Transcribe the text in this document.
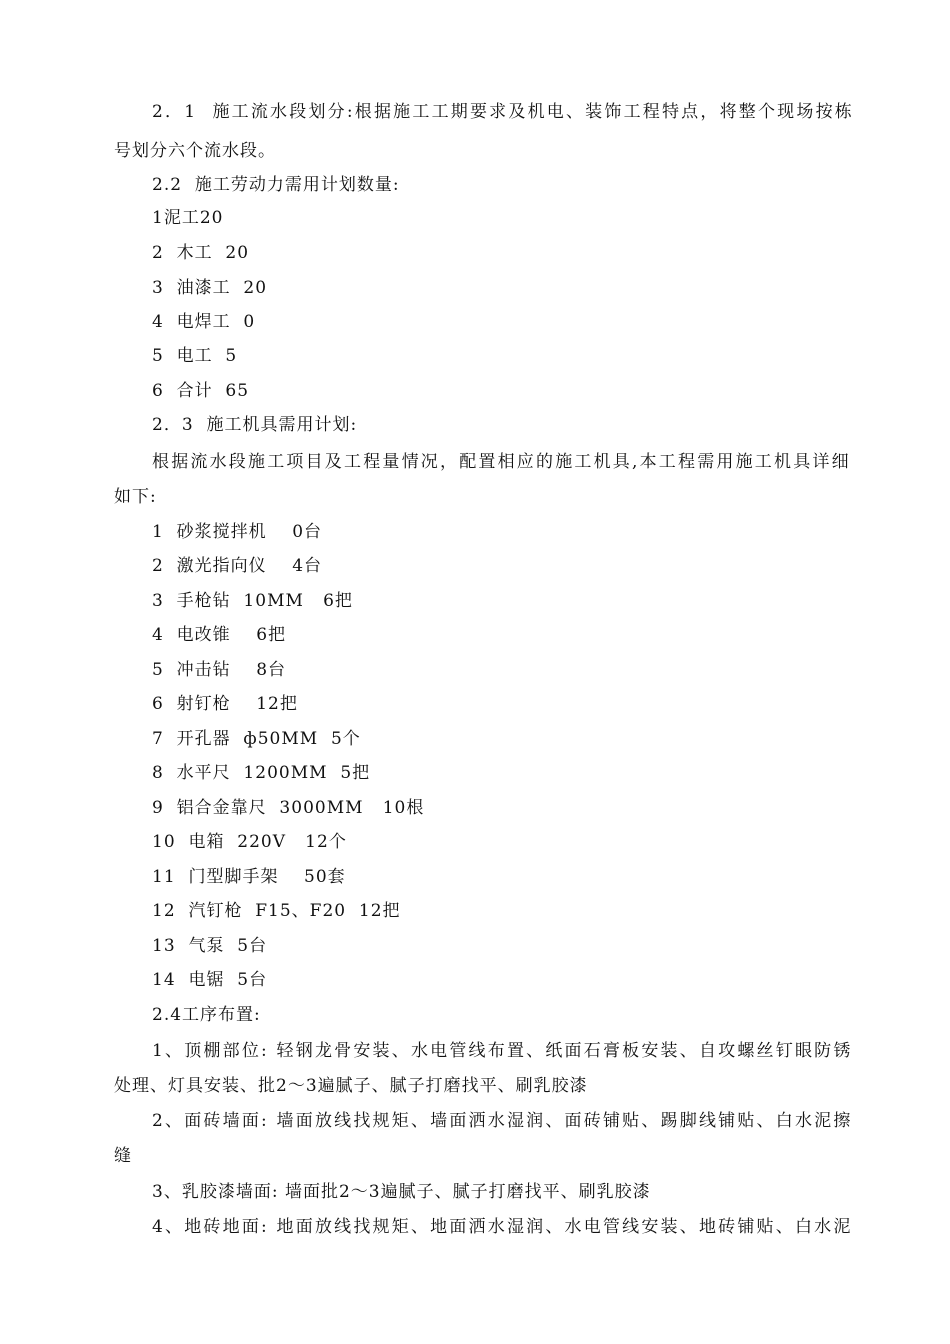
2．1  施工流水段划分:根据施工工期要求及机电、装饰工程特点，将整个现场按栋
号划分六个流水段。
2.2  施工劳动力需用计划数量:
1泥工20
2  木工  20
3  油漆工  20
4  电焊工  0
5  电工  5
6  合计  65
2．3  施工机具需用计划:
根据流水段施工项目及工程量情况，配置相应的施工机具,本工程需用施工机具详细
如下:
1  砂浆搅拌机    0台
2  激光指向仪    4台
3  手枪钻  10MM   6把
4  电改锥    6把
5  冲击钻    8台
6  射钉枪    12把
7  开孔器  ф50MM  5个
8  水平尺  1200MM  5把
9  铝合金靠尺  3000MM   10根
10  电箱  220V   12个
11  门型脚手架    50套
12  汽钉枪  F15、F20  12把
13  气泵  5台
14  电锯  5台
2.4工序布置:
1、顶棚部位: 轻钢龙骨安装、水电管线布置、纸面石膏板安装、自攻螺丝钉眼防锈
处理、灯具安装、批2～3遍腻子、腻子打磨找平、刷乳胶漆
2、面砖墙面: 墙面放线找规矩、墙面洒水湿润、面砖铺贴、踢脚线铺贴、白水泥擦
缝
3、乳胶漆墙面: 墙面批2～3遍腻子、腻子打磨找平、刷乳胶漆
4、地砖地面: 地面放线找规矩、地面洒水湿润、水电管线安装、地砖铺贴、白水泥
